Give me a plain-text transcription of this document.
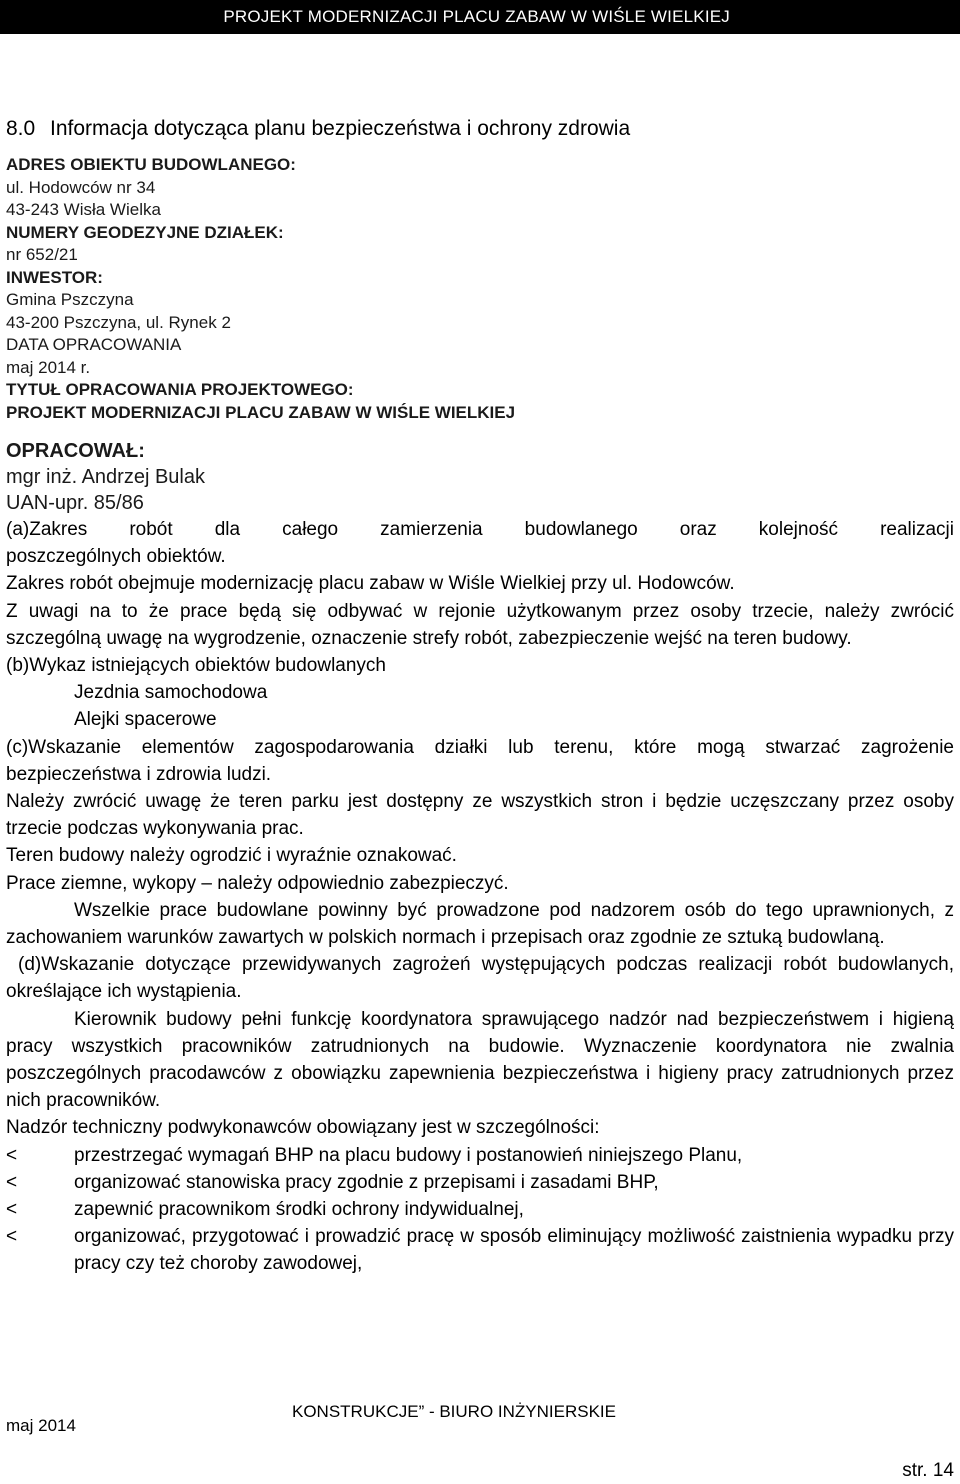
PROJEKT MODERNIZACJI PLACU ZABAW W WIŚLE WIELKIEJ
8.0 Informacja dotycząca planu bezpieczeństwa i ochrony zdrowia
ADRES OBIEKTU BUDOWLANEGO:
ul. Hodowców nr 34
43-243 Wisła Wielka
NUMERY GEODEZYJNE DZIAŁEK:
nr 652/21
INWESTOR:
Gmina Pszczyna
43-200 Pszczyna, ul. Rynek 2
DATA OPRACOWANIA
maj 2014 r.
TYTUŁ OPRACOWANIA PROJEKTOWEGO:
PROJEKT MODERNIZACJI PLACU ZABAW W WIŚLE WIELKIEJ
OPRACOWAŁ:
mgr inż. Andrzej Bulak
UAN-upr. 85/86

(a)Zakres robót dla całego zamierzenia budowlanego oraz kolejność realizacji

poszczególnych obiektów.

Zakres robót obejmuje modernizację placu zabaw w Wiśle Wielkiej przy ul. Hodowców.

Z uwagi na to że prace będą się odbywać w rejonie użytkowanym przez osoby trzecie, należy zwrócić szczególną uwagę na wygrodzenie, oznaczenie strefy robót, zabezpieczenie wejść na teren budowy.

(b)Wykaz istniejących obiektów budowlanych

Jezdnia samochodowa

Alejki spacerowe

(c)Wskazanie elementów zagospodarowania działki lub terenu, które mogą stwarzać zagrożenie bezpieczeństwa i zdrowia ludzi.

Należy zwrócić uwagę że teren parku jest dostępny ze wszystkich stron i będzie uczęszczany przez osoby trzecie podczas wykonywania prac.

Teren budowy należy ogrodzić i wyraźnie oznakować.

Prace ziemne, wykopy – należy odpowiednio zabezpieczyć.

Wszelkie prace budowlane powinny być prowadzone pod nadzorem osób do tego uprawnionych, z zachowaniem warunków zawartych w polskich normach i przepisach oraz zgodnie ze sztuką budowlaną.

(d)Wskazanie dotyczące przewidywanych zagrożeń występujących podczas realizacji robót budowlanych, określające ich wystąpienia.

Kierownik budowy pełni funkcję koordynatora sprawującego nadzór nad bezpieczeństwem i higieną pracy wszystkich pracowników zatrudnionych na budowie. Wyznaczenie koordynatora nie zwalnia poszczególnych pracodawców z obowiązku zapewnienia bezpieczeństwa i higieny pracy zatrudnionych przez nich pracowników.

Nadzór techniczny podwykonawców obowiązany jest w szczególności:

<	przestrzegać wymagań BHP na placu budowy i postanowień niniejszego Planu,
<	organizować stanowiska pracy zgodnie z przepisami i zasadami BHP,
<	zapewnić pracownikom środki ochrony indywidualnej,
<	organizować, przygotować i prowadzić pracę w sposób eliminujący możliwość zaistnienia wypadku przy pracy czy też choroby zawodowej,
maj 2014
KONSTRUKCJE” - BIURO INŻYNIERSKIE
str. 14
